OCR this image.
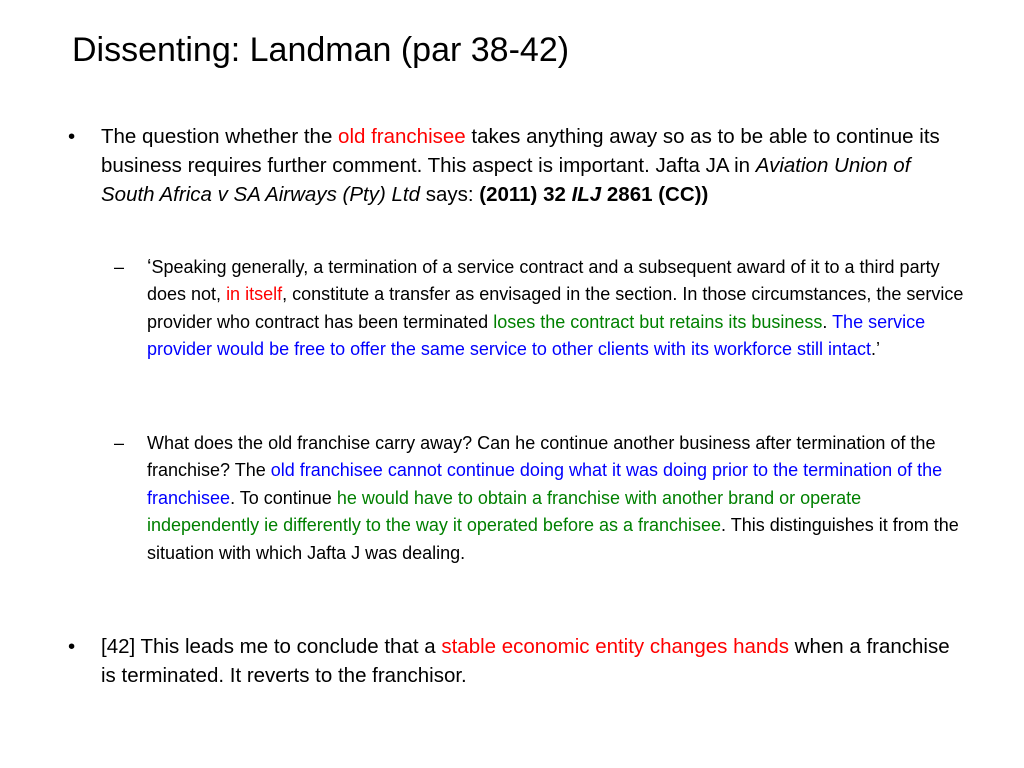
Dissenting: Landman (par 38-42)
• The question whether the old franchisee takes anything away so as to be able to continue its business requires further comment. This aspect is important. Jafta JA in Aviation Union of South Africa v SA Airways (Pty) Ltd says: (2011) 32 ILJ 2861 (CC))
– ‘Speaking generally, a termination of a service contract and a subsequent award of it to a third party does not, in itself, constitute a transfer as envisaged in the section. In those circumstances, the service provider who contract has been terminated loses the contract but retains its business. The service provider would be free to offer the same service to other clients with its workforce still intact.’
– What does the old franchise carry away? Can he continue another business after termination of the franchise? The old franchisee cannot continue doing what it was doing prior to the termination of the franchisee. To continue he would have to obtain a franchise with another brand or operate independently ie differently to the way it operated before as a franchisee. This distinguishes it from the situation with which Jafta J was dealing.
• [42] This leads me to conclude that a stable economic entity changes hands when a franchise is terminated. It reverts to the franchisor.
